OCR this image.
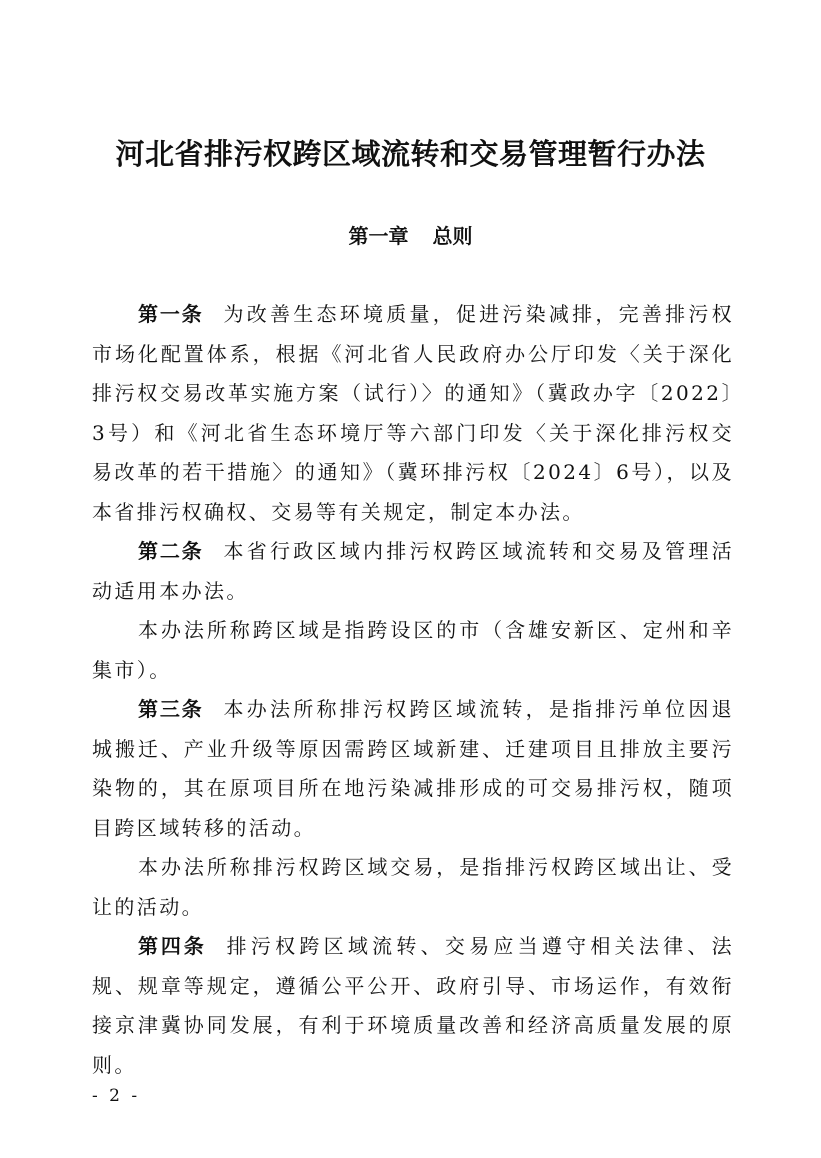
河北省排污权跨区域流转和交易管理暂行办法
第一章 总则

第一条 为改善生态环境质量，促进污染减排，完善排污权市场化配置体系，根据《河北省人民政府办公厅印发〈关于深化排污权交易改革实施方案（试行）〉的通知》（冀政办字〔2022〕3号）和《河北省生态环境厅等六部门印发〈关于深化排污权交易改革的若干措施〉的通知》（冀环排污权〔2024〕6号），以及本省排污权确权、交易等有关规定，制定本办法。

第二条 本省行政区域内排污权跨区域流转和交易及管理活动适用本办法。

本办法所称跨区域是指跨设区的市（含雄安新区、定州和辛集市）。

第三条 本办法所称排污权跨区域流转，是指排污单位因退城搬迁、产业升级等原因需跨区域新建、迁建项目且排放主要污染物的，其在原项目所在地污染减排形成的可交易排污权，随项目跨区域转移的活动。

本办法所称排污权跨区域交易，是指排污权跨区域出让、受让的活动。

第四条 排污权跨区域流转、交易应当遵守相关法律、法规、规章等规定，遵循公平公开、政府引导、市场运作，有效衔接京津冀协同发展，有利于环境质量改善和经济高质量发展的原则。

- 2 -
